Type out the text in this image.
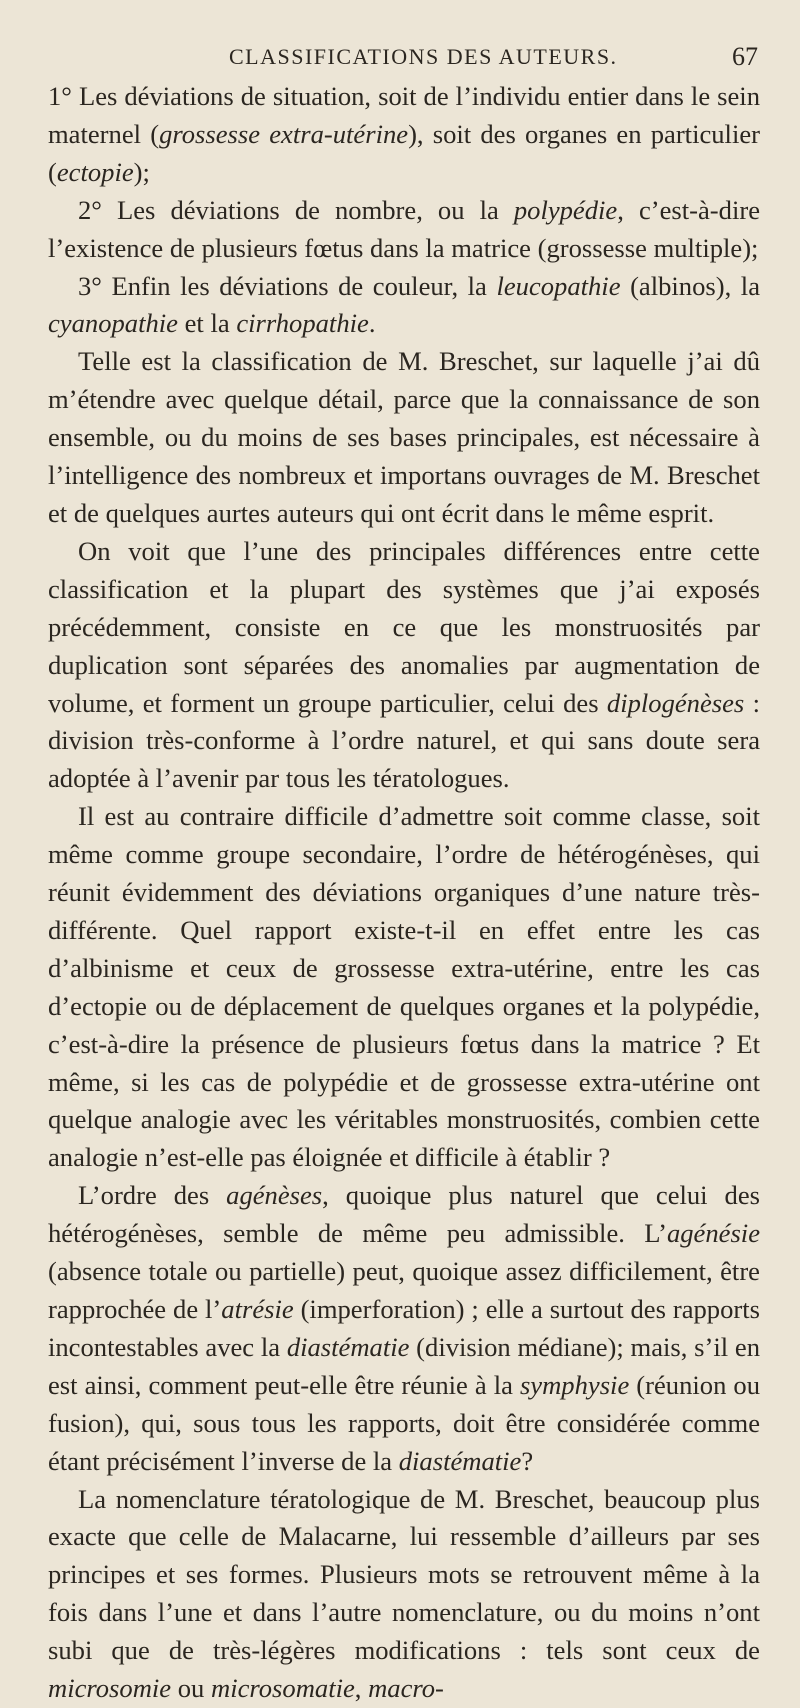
CLASSIFICATIONS DES AUTEURS.	67

1° Les déviations de situation, soit de l’individu entier dans le sein maternel (grossesse extra-utérine), soit des organes en particulier (ectopie);

2° Les déviations de nombre, ou la polypédie, c’est-à-dire l’existence de plusieurs fœtus dans la matrice (grossesse multiple);

3° Enfin les déviations de couleur, la leucopathie (albinos), la cyanopathie et la cirrhopathie.

Telle est la classification de M. Breschet, sur laquelle j’ai dû m’étendre avec quelque détail, parce que la connaissance de son ensemble, ou du moins de ses bases principales, est nécessaire à l’intelligence des nombreux et importans ouvrages de M. Breschet et de quelques aurtes auteurs qui ont écrit dans le même esprit.

On voit que l’une des principales différences entre cette classification et la plupart des systèmes que j’ai exposés précédemment, consiste en ce que les monstruosités par duplication sont séparées des anomalies par augmentation de volume, et forment un groupe particulier, celui des diplogénèses : division très-conforme à l’ordre naturel, et qui sans doute sera adoptée à l’avenir par tous les tératologues.

Il est au contraire difficile d’admettre soit comme classe, soit même comme groupe secondaire, l’ordre de hétérogénèses, qui réunit évidemment des déviations organiques d’une nature très-différente. Quel rapport existe-t-il en effet entre les cas d’albinisme et ceux de grossesse extra-utérine, entre les cas d’ectopie ou de déplacement de quelques organes et la polypédie, c’est-à-dire la présence de plusieurs fœtus dans la matrice ? Et même, si les cas de polypédie et de grossesse extra-utérine ont quelque analogie avec les véritables monstruosités, combien cette analogie n’est-elle pas éloignée et difficile à établir ?

L’ordre des agénèses, quoique plus naturel que celui des hétérogénèses, semble de même peu admissible. L’agénésie (absence totale ou partielle) peut, quoique assez difficilement, être rapprochée de l’atrésie (imperforation) ; elle a surtout des rapports incontestables avec la diastématie (division médiane); mais, s’il en est ainsi, comment peut-elle être réunie à la symphysie (réunion ou fusion), qui, sous tous les rapports, doit être considérée comme étant précisément l’inverse de la diastématie?

La nomenclature tératologique de M. Breschet, beaucoup plus exacte que celle de Malacarne, lui ressemble d’ailleurs par ses principes et ses formes. Plusieurs mots se retrouvent même à la fois dans l’une et dans l’autre nomenclature, ou du moins n’ont subi que de très-légères modifications : tels sont ceux de microsomie ou microsomatie, macro-
